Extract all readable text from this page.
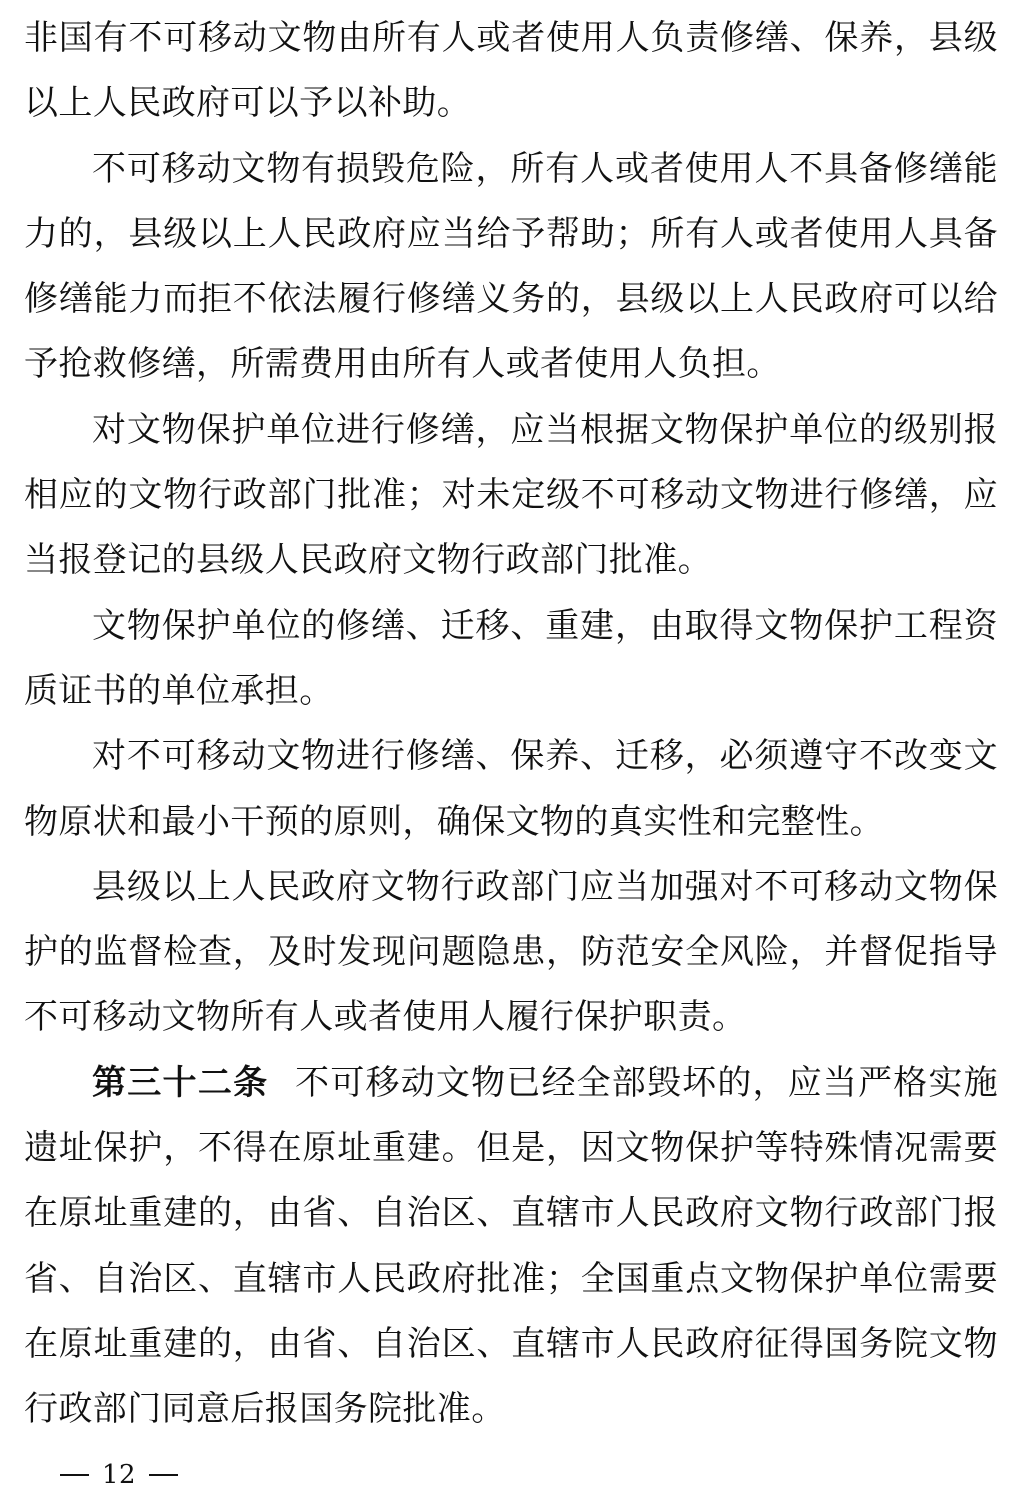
非国有不可移动文物由所有人或者使用人负责修缮、保养，县级以上人民政府可以予以补助。

不可移动文物有损毁危险，所有人或者使用人不具备修缮能力的，县级以上人民政府应当给予帮助；所有人或者使用人具备修缮能力而拒不依法履行修缮义务的，县级以上人民政府可以给予抢救修缮，所需费用由所有人或者使用人负担。

对文物保护单位进行修缮，应当根据文物保护单位的级别报相应的文物行政部门批准；对未定级不可移动文物进行修缮，应当报登记的县级人民政府文物行政部门批准。

文物保护单位的修缮、迁移、重建，由取得文物保护工程资质证书的单位承担。

对不可移动文物进行修缮、保养、迁移，必须遵守不改变文物原状和最小干预的原则，确保文物的真实性和完整性。

县级以上人民政府文物行政部门应当加强对不可移动文物保护的监督检查，及时发现问题隐患，防范安全风险，并督促指导不可移动文物所有人或者使用人履行保护职责。

第三十二条 不可移动文物已经全部毁坏的，应当严格实施遗址保护，不得在原址重建。但是，因文物保护等特殊情况需要在原址重建的，由省、自治区、直辖市人民政府文物行政部门报省、自治区、直辖市人民政府批准；全国重点文物保护单位需要在原址重建的，由省、自治区、直辖市人民政府征得国务院文物行政部门同意后报国务院批准。

12
